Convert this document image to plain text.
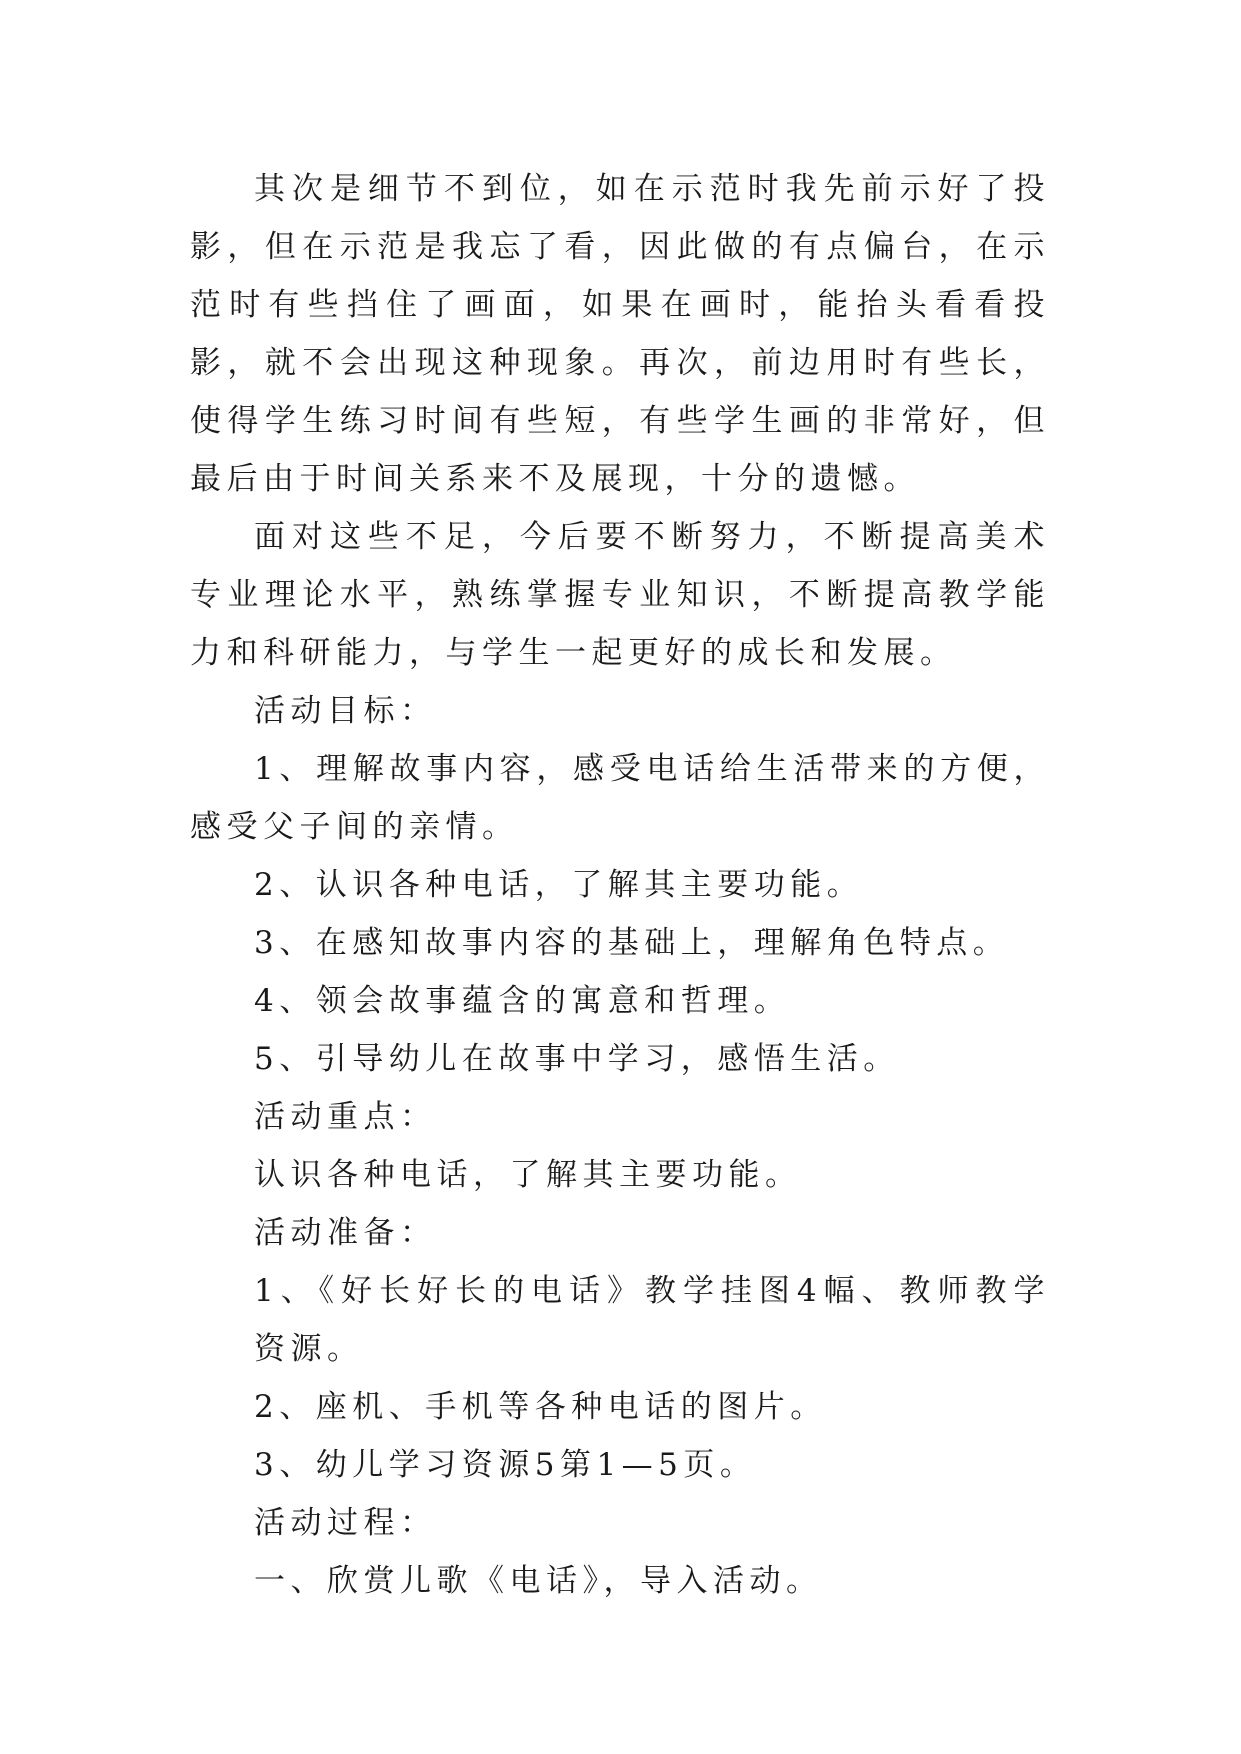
其次是细节不到位，如在示范时我先前示好了投影，但在示范是我忘了看，因此做的有点偏台，在示范时有些挡住了画面，如果在画时，能抬头看看投影，就不会出现这种现象。再次，前边用时有些长，使得学生练习时间有些短，有些学生画的非常好，但最后由于时间关系来不及展现，十分的遗憾。

面对这些不足，今后要不断努力，不断提高美术专业理论水平，熟练掌握专业知识，不断提高教学能力和科研能力，与学生一起更好的成长和发展。

活动目标：

1、理解故事内容，感受电话给生活带来的方便，感受父子间的亲情。

2、认识各种电话，了解其主要功能。

3、在感知故事内容的基础上，理解角色特点。

4、领会故事蕴含的寓意和哲理。

5、引导幼儿在故事中学习，感悟生活。

活动重点：

认识各种电话，了解其主要功能。

活动准备：

1、《好长好长的电话》教学挂图4幅、教师教学资源。

2、座机、手机等各种电话的图片。

3、幼儿学习资源5第1—5页。

活动过程：

一、欣赏儿歌《电话》，导入活动。
